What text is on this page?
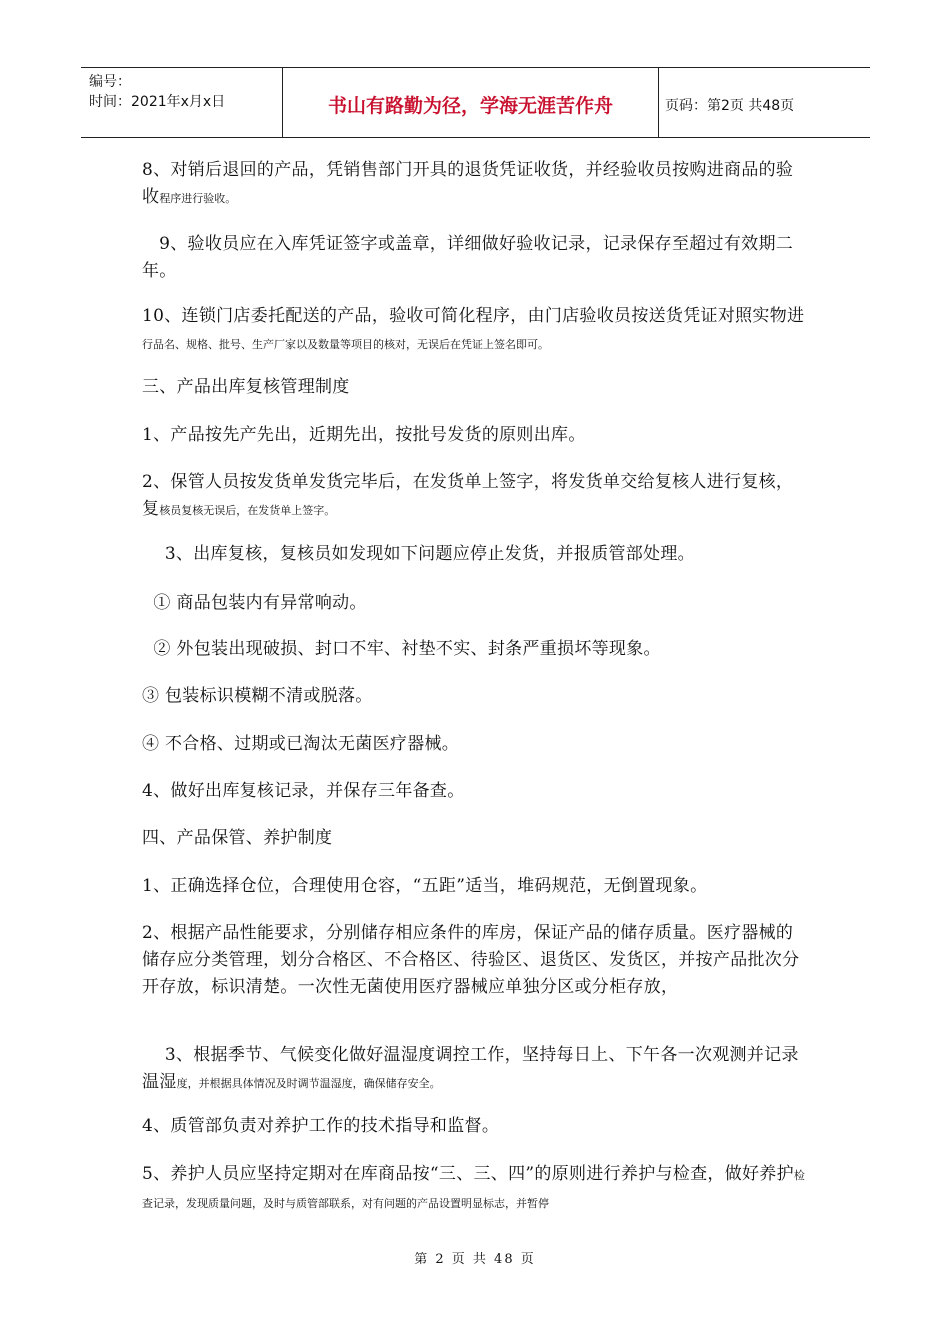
编号：
时间：2021年x月x日	书山有路勤为径，学海无涯苦作舟	页码：第2页 共48页

8、对销后退回的产品，凭销售部门开具的退货凭证收货，并经验收员按购进商品的验收程序进行验收。

9、验收员应在入库凭证签字或盖章，详细做好验收记录，记录保存至超过有效期二年。

10、连锁门店委托配送的产品，验收可简化程序，由门店验收员按送货凭证对照实物进行品名、规格、批号、生产厂家以及数量等项目的核对，无误后在凭证上签名即可。

三、产品出库复核管理制度

1、产品按先产先出，近期先出，按批号发货的原则出库。

2、保管人员按发货单发货完毕后，在发货单上签字，将发货单交给复核人进行复核，复核员复核无误后，在发货单上签字。

3、出库复核，复核员如发现如下问题应停止发货，并报质管部处理。

① 商品包装内有异常响动。

② 外包装出现破损、封口不牢、衬垫不实、封条严重损坏等现象。

③ 包装标识模糊不清或脱落。

④ 不合格、过期或已淘汰无菌医疗器械。

4、做好出库复核记录，并保存三年备查。

四、产品保管、养护制度

1、正确选择仓位，合理使用仓容，“五距”适当，堆码规范，无倒置现象。

2、根据产品性能要求，分别储存相应条件的库房，保证产品的储存质量。医疗器械的储存应分类管理，划分合格区、不合格区、待验区、退货区、发货区，并按产品批次分开存放，标识清楚。一次性无菌使用医疗器械应单独分区或分柜存放，

3、根据季节、气候变化做好温湿度调控工作，坚持每日上、下午各一次观测并记录温湿度，并根据具体情况及时调节温湿度，确保储存安全。

4、质管部负责对养护工作的技术指导和监督。

5、养护人员应坚持定期对在库商品按“三、三、四”的原则进行养护与检查，做好养护检查记录，发现质量问题，及时与质管部联系，对有问题的产品设置明显标志，并暂停

第 2 页 共 48 页
